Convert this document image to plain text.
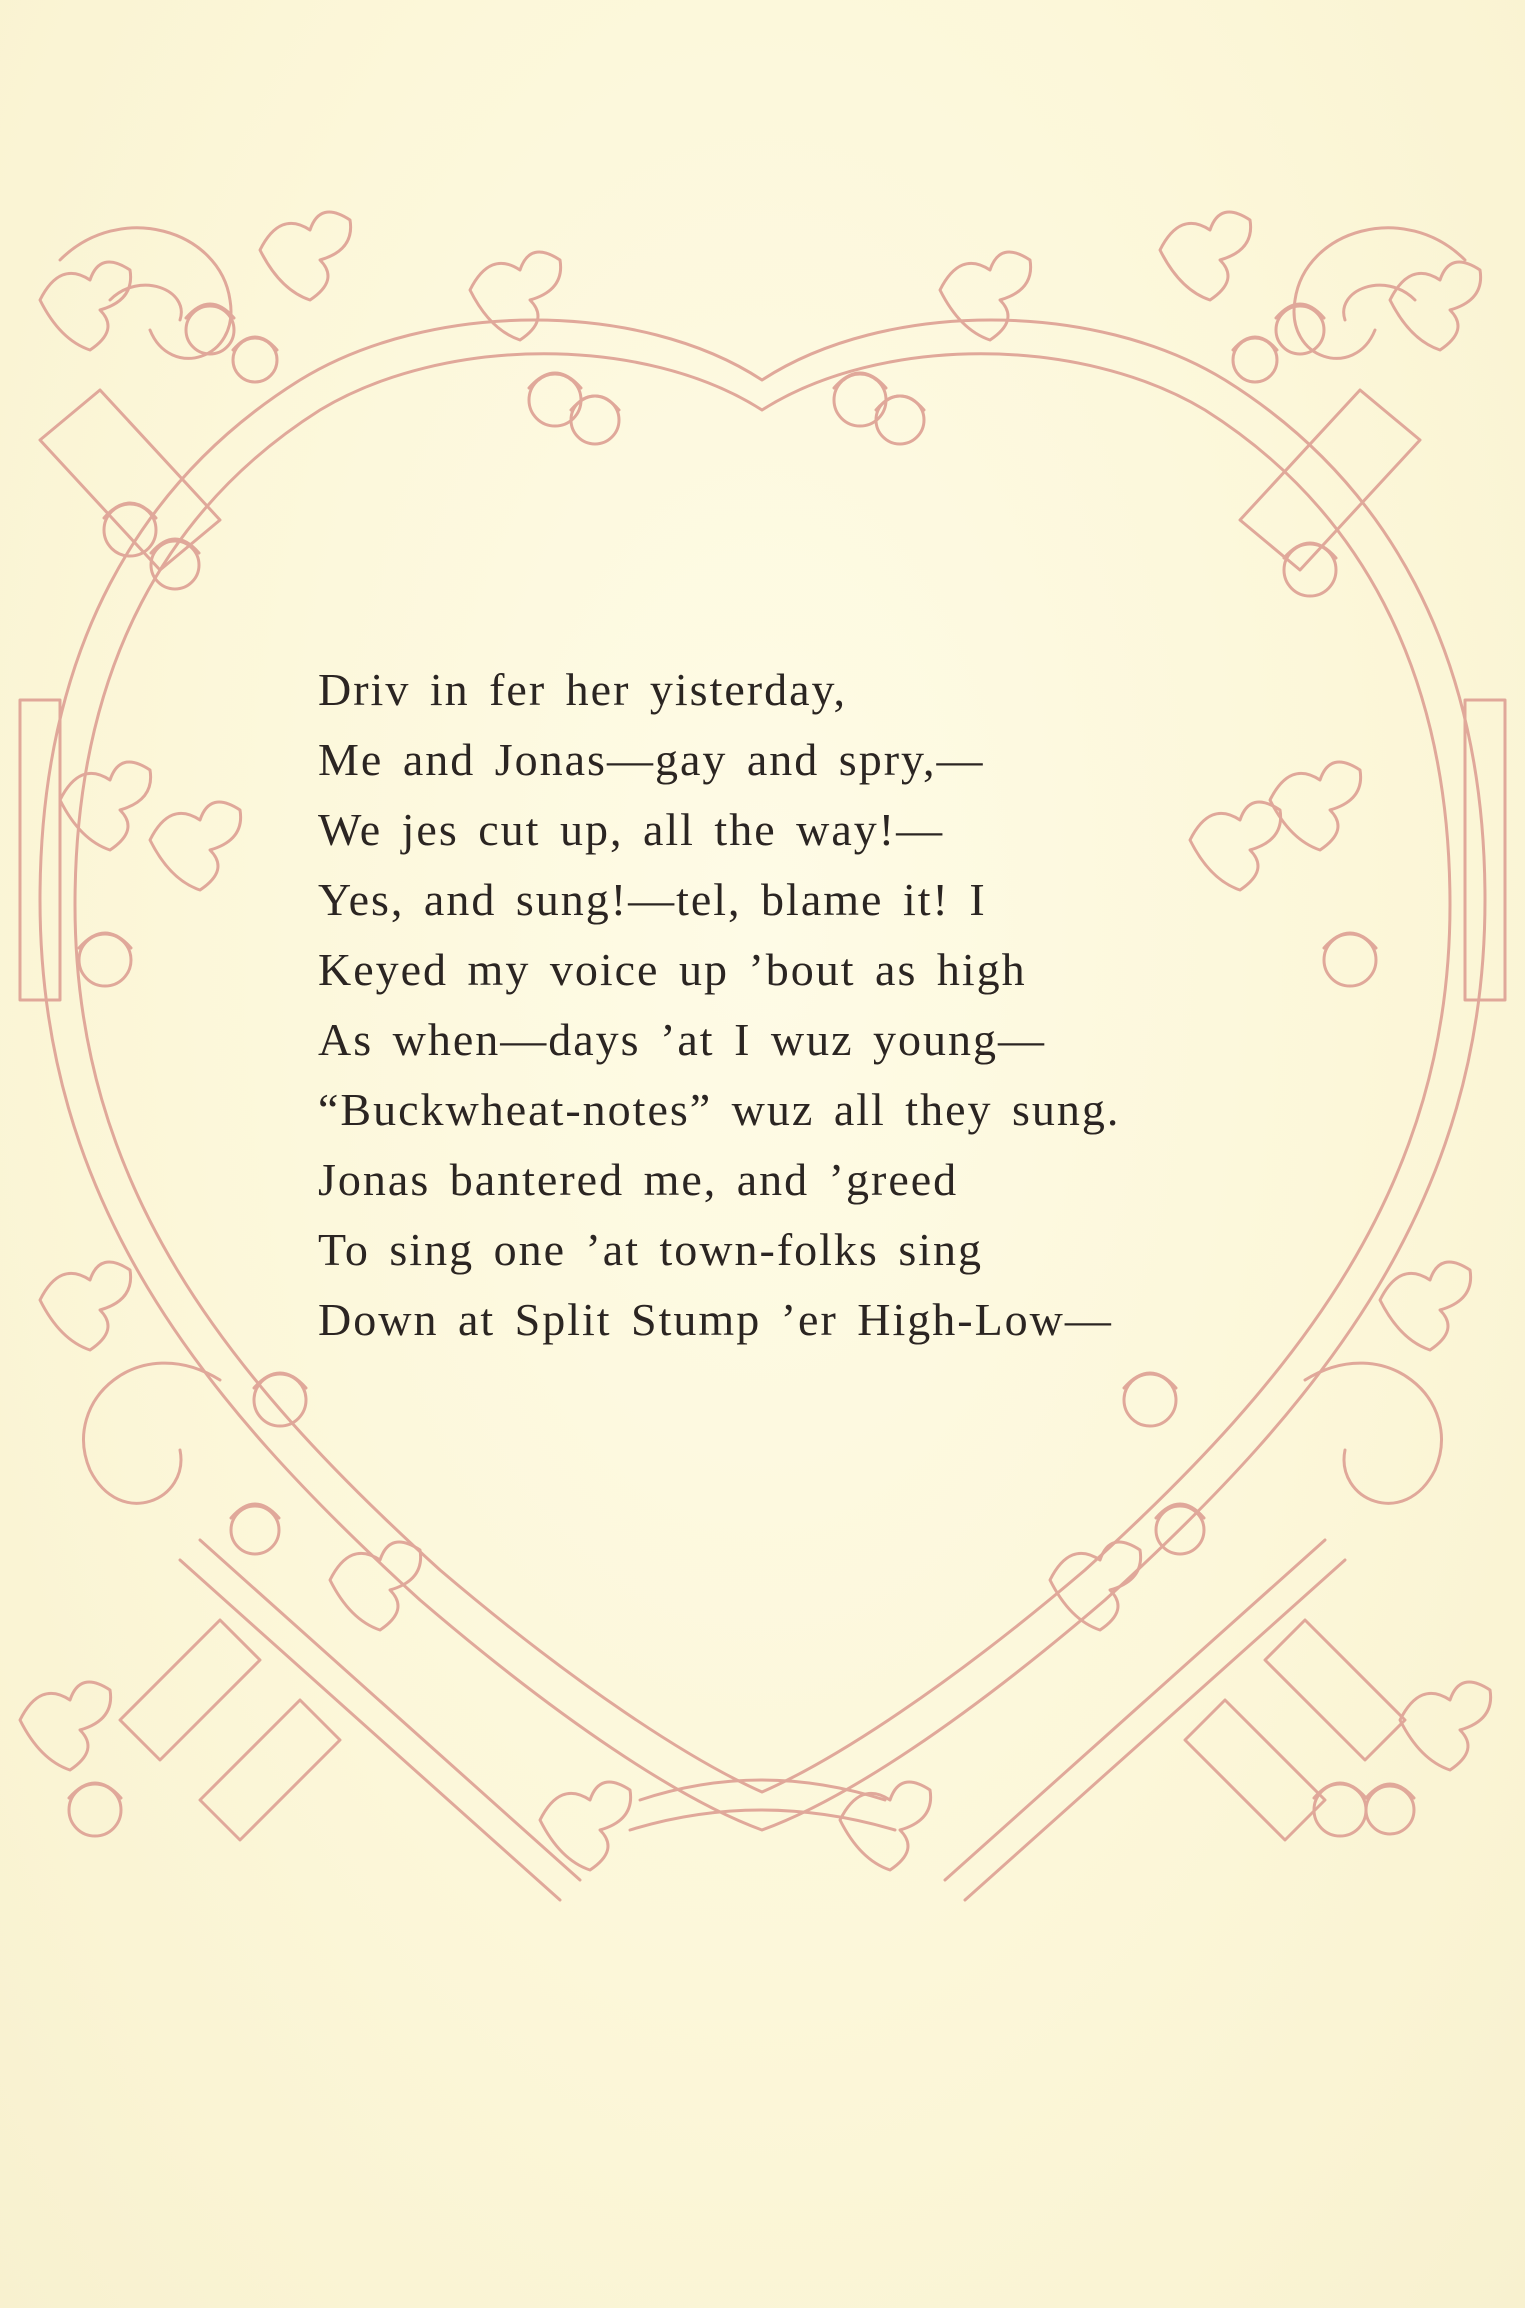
Driv in fer her yisterday,
Me and Jonas—gay and spry,—
We jes cut up, all the way!—
Yes, and sung!—tel, blame it! I
Keyed my voice up ’bout as high
As when—days ’at I wuz young—
“Buckwheat-notes” wuz all they sung.
Jonas bantered me, and ’greed
To sing one ’at town-folks sing
Down at Split Stump ’er High-Low—
